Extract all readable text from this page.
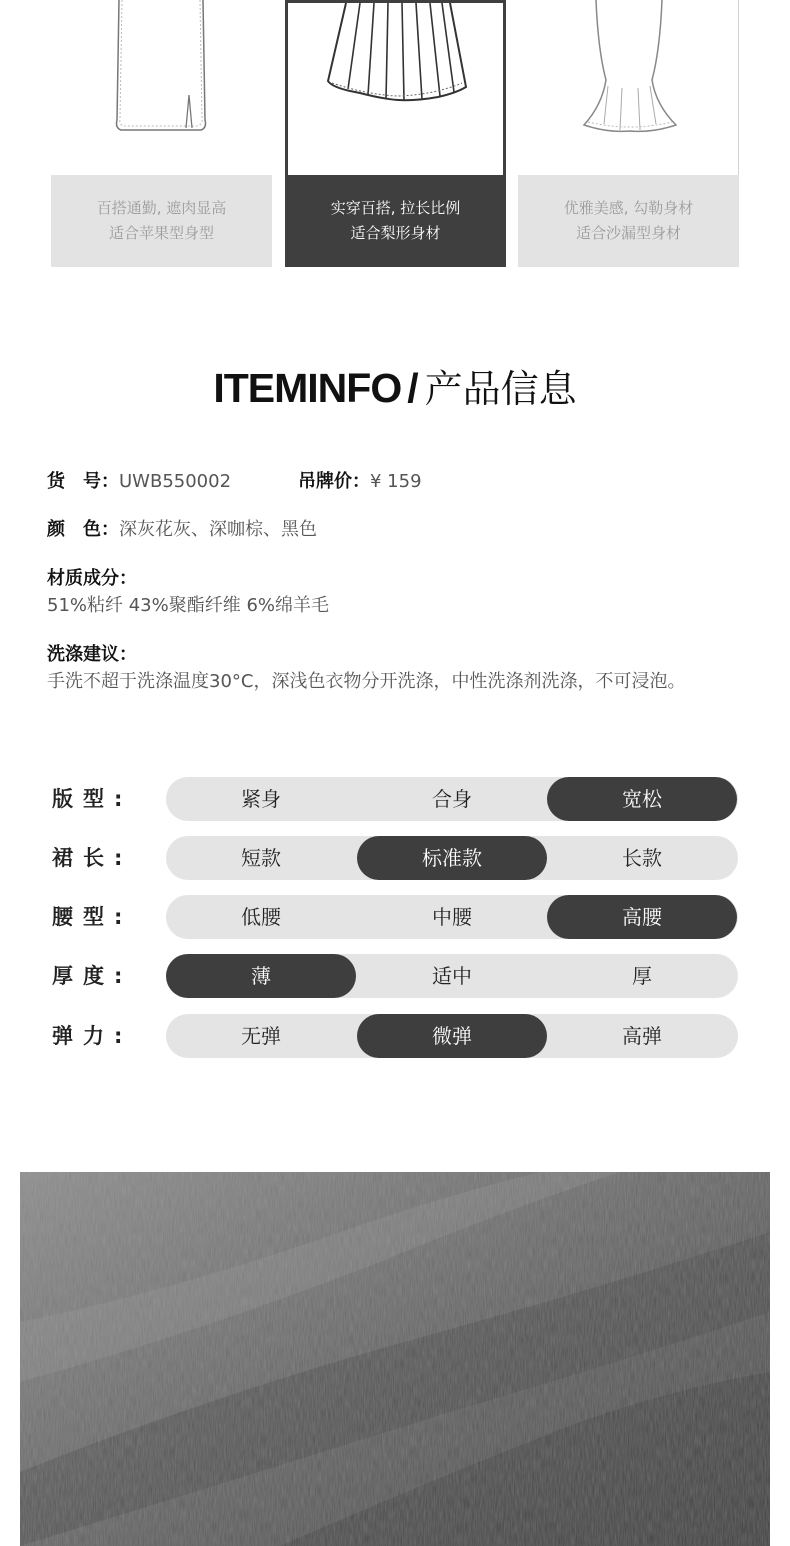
百搭通勤, 遮肉显高
适合苹果型身型
实穿百搭, 拉长比例
适合梨形身材
优雅美感, 勾勒身材
适合沙漏型身材
ITEMINFO / 产品信息
货　号：UWB550002	吊牌价：¥ 159
颜　色：深灰花灰、深咖棕、黑色
材质成分：
51%粘纤 43%聚酯纤维 6%绵羊毛
洗涤建议：
手洗不超于洗涤温度30°C，深浅色衣物分开洗涤，中性洗涤剂洗涤，不可浸泡。
版型:	紧身	合身	宽松
裙长:	短款	标准款	长款
腰型:	低腰	中腰	高腰
厚度:	薄	适中	厚
弹力:	无弹	微弹	高弹
